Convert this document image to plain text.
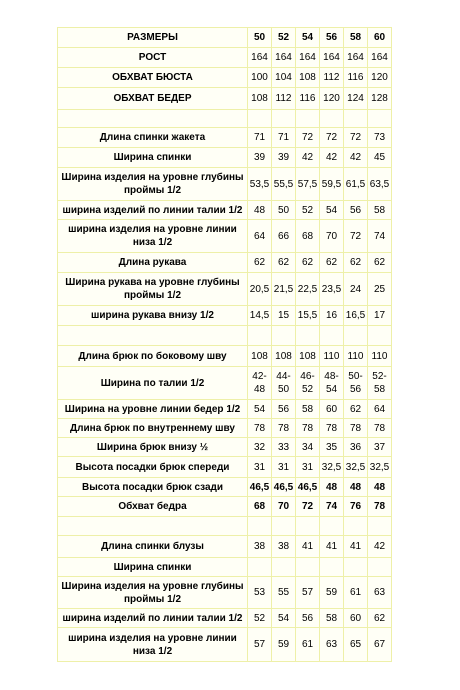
РАЗМЕРЫ	50	52	54	56	58	60
РОСТ	164	164	164	164	164	164
ОБХВАТ БЮСТА	100	104	108	112	116	120
ОБХВАТ БЕДЕР	108	112	116	120	124	128

Длина спинки жакета	71	71	72	72	72	73
Ширина спинки	39	39	42	42	42	45
Ширина изделия на уровне глубины проймы 1/2	53,5	55,5	57,5	59,5	61,5	63,5
ширина изделий по линии талии 1/2	48	50	52	54	56	58
ширина изделия на уровне линии низа 1/2	64	66	68	70	72	74
Длина рукава	62	62	62	62	62	62
Ширина рукава на уровне глубины проймы 1/2	20,5	21,5	22,5	23,5	24	25
ширина рукава внизу 1/2	14,5	15	15,5	16	16,5	17

Длина брюк по боковому шву	108	108	108	110	110	110
Ширина по талии 1/2	42-48	44-50	46-52	48-54	50-56	52-58
Ширина на уровне линии бедер 1/2	54	56	58	60	62	64
Длина брюк по внутреннему шву	78	78	78	78	78	78
Ширина брюк внизу ½	32	33	34	35	36	37
Высота посадки брюк спереди	31	31	31	32,5	32,5	32,5
Высота посадки брюк сзади	46,5	46,5	46,5	48	48	48
Обхват бедра	68	70	72	74	76	78

Длина спинки блузы	38	38	41	41	41	42
Ширина спинки						
Ширина изделия на уровне глубины проймы 1/2	53	55	57	59	61	63
ширина изделий по линии талии 1/2	52	54	56	58	60	62
ширина изделия на уровне линии низа 1/2	57	59	61	63	65	67
